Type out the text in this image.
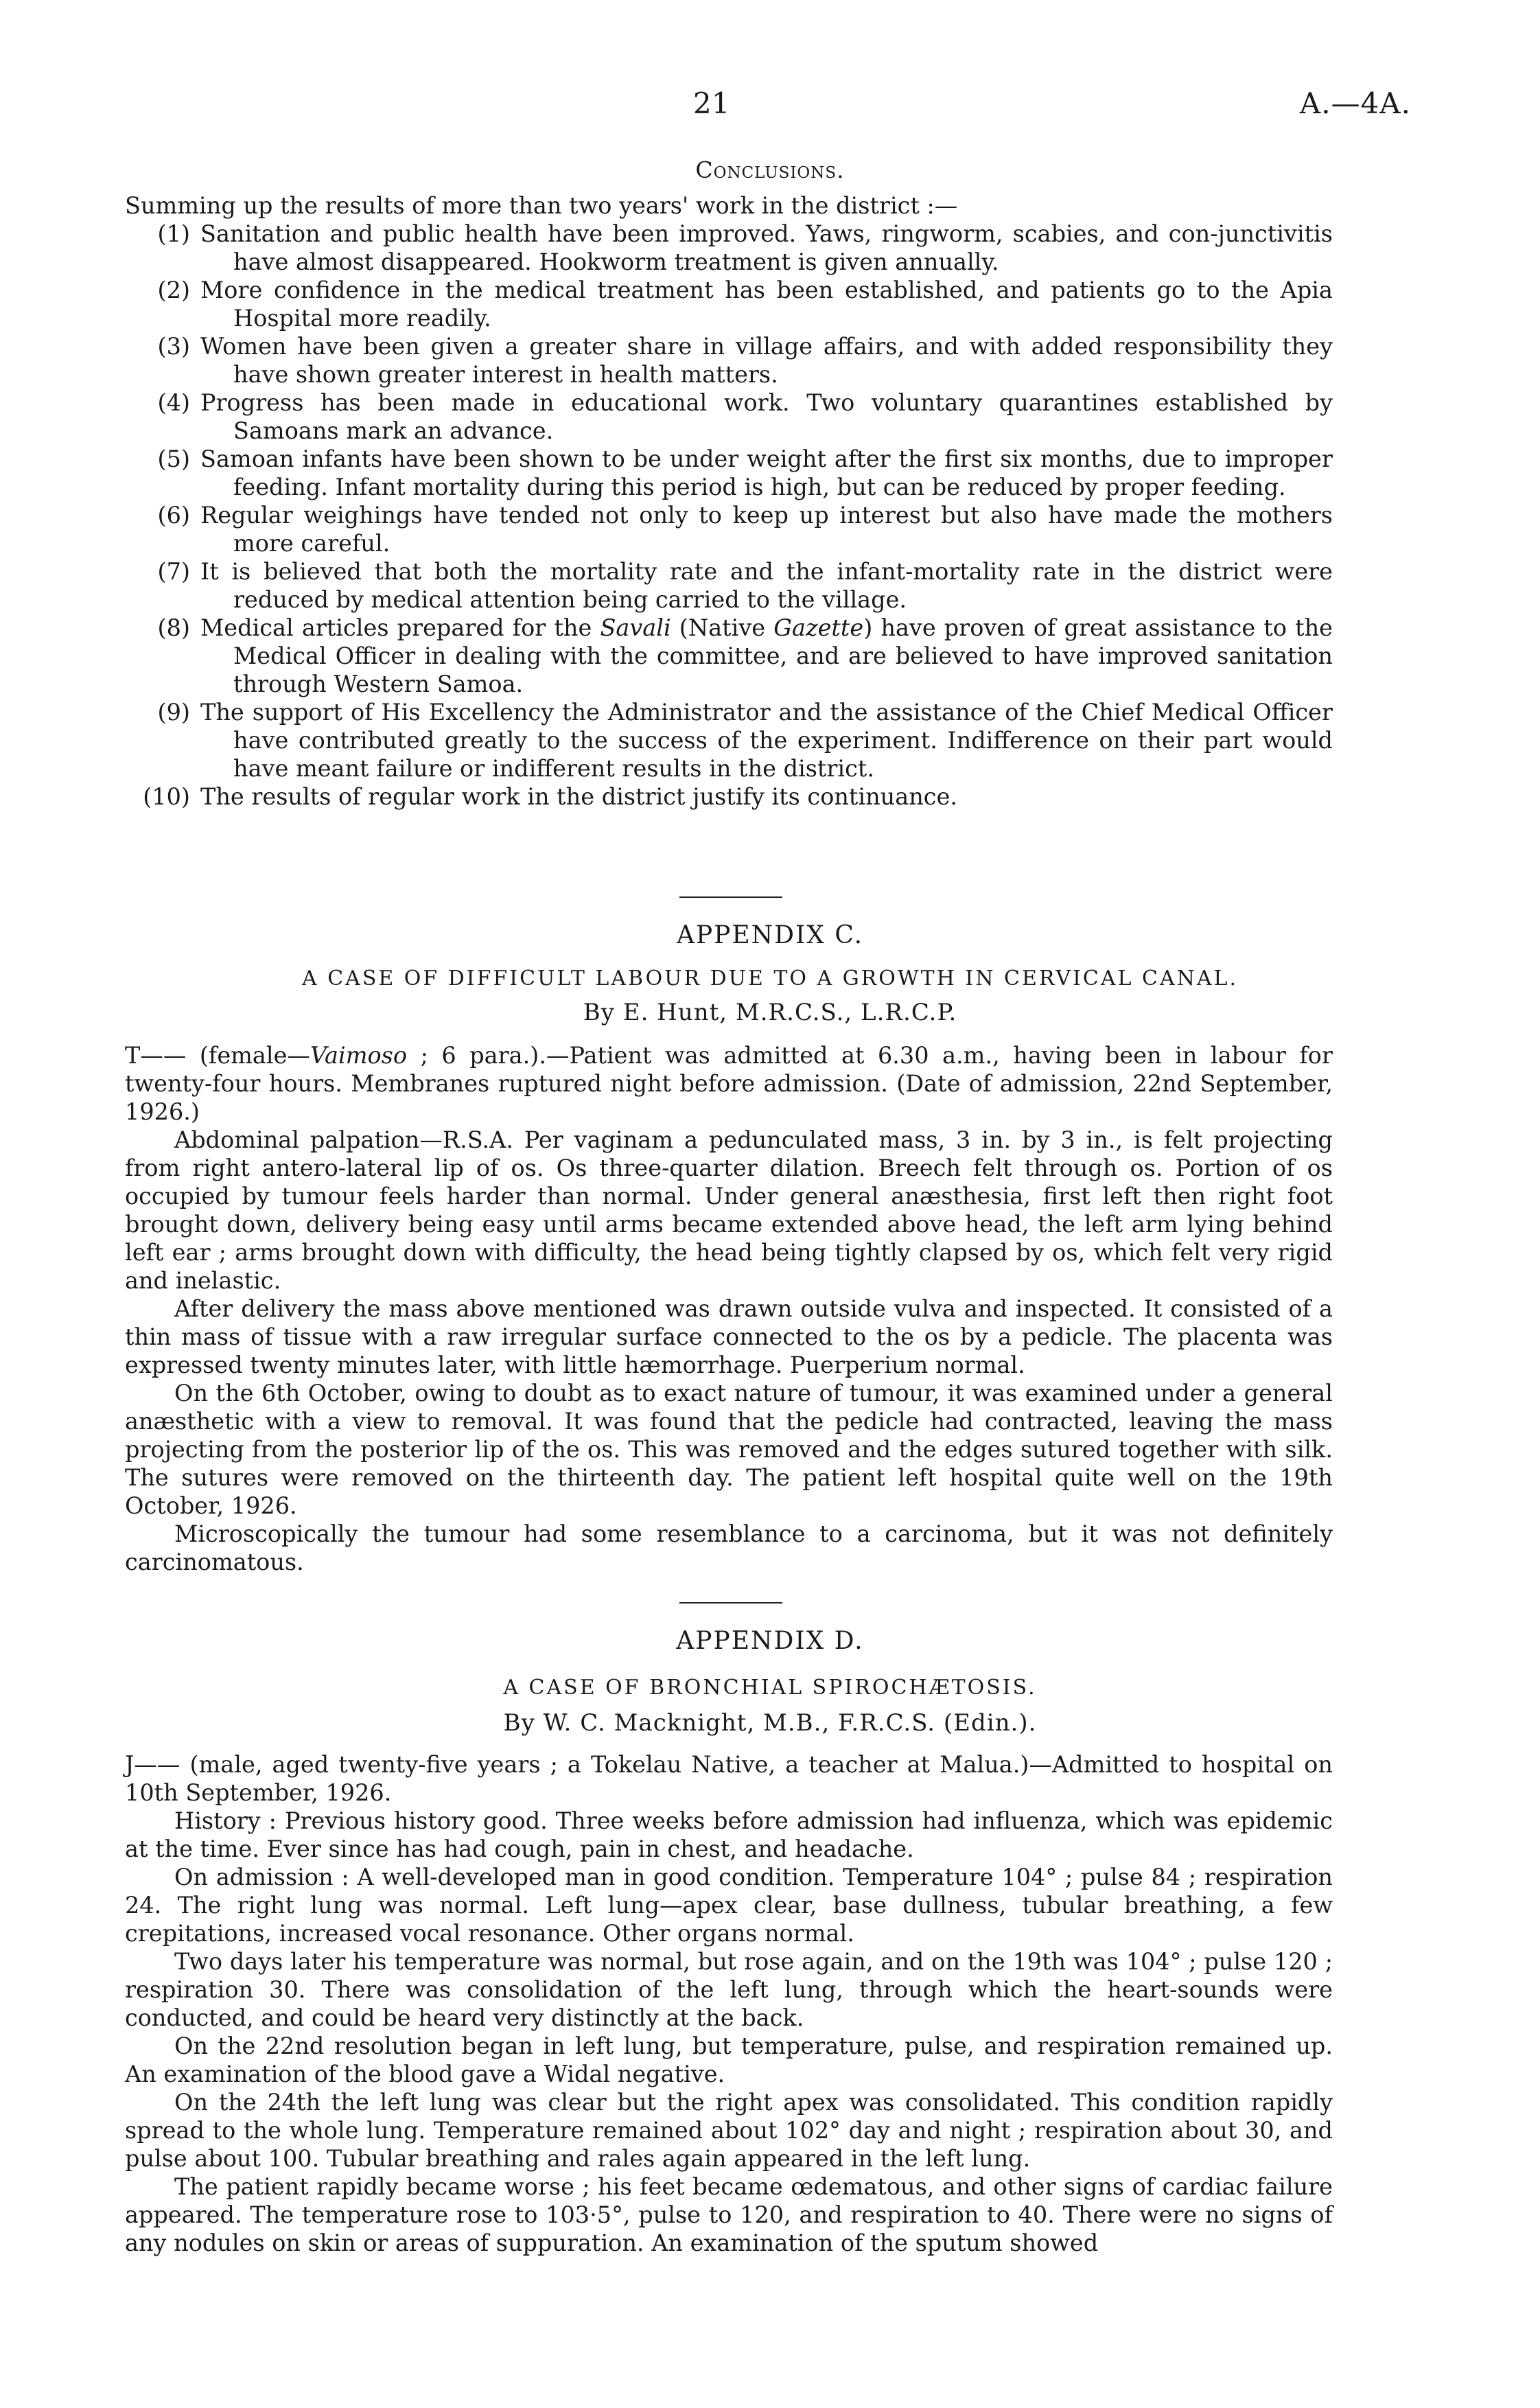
21	A.—4A.
Conclusions.

Summing up the results of more than two years' work in the district :—

(1) Sanitation and public health have been improved. Yaws, ringworm, scabies, and con-junctivitis have almost disappeared. Hookworm treatment is given annually.
(2) More confidence in the medical treatment has been established, and patients go to the Apia Hospital more readily.
(3) Women have been given a greater share in village affairs, and with added responsibility they have shown greater interest in health matters.
(4) Progress has been made in educational work. Two voluntary quarantines established by Samoans mark an advance.
(5) Samoan infants have been shown to be under weight after the first six months, due to improper feeding. Infant mortality during this period is high, but can be reduced by proper feeding.
(6) Regular weighings have tended not only to keep up interest but also have made the mothers more careful.
(7) It is believed that both the mortality rate and the infant-mortality rate in the district were reduced by medical attention being carried to the village.
(8) Medical articles prepared for the Savali (Native Gazette) have proven of great assistance to the Medical Officer in dealing with the committee, and are believed to have improved sanitation through Western Samoa.
(9) The support of His Excellency the Administrator and the assistance of the Chief Medical Officer have contributed greatly to the success of the experiment. Indifference on their part would have meant failure or indifferent results in the district.
(10) The results of regular work in the district justify its continuance.
APPENDIX C.
A CASE OF DIFFICULT LABOUR DUE TO A GROWTH IN CERVICAL CANAL.
By E. Hunt, M.R.C.S., L.R.C.P.

T—— (female—Vaimoso ; 6 para.).—Patient was admitted at 6.30 a.m., having been in labour for twenty-four hours. Membranes ruptured night before admission. (Date of admission, 22nd September, 1926.)

Abdominal palpation—R.S.A. Per vaginam a pedunculated mass, 3 in. by 3 in., is felt projecting from right antero-lateral lip of os. Os three-quarter dilation. Breech felt through os. Portion of os occupied by tumour feels harder than normal. Under general anæsthesia, first left then right foot brought down, delivery being easy until arms became extended above head, the left arm lying behind left ear ; arms brought down with difficulty, the head being tightly clapsed by os, which felt very rigid and inelastic.

After delivery the mass above mentioned was drawn outside vulva and inspected. It consisted of a thin mass of tissue with a raw irregular surface connected to the os by a pedicle. The placenta was expressed twenty minutes later, with little hæmorrhage. Puerperium normal.

On the 6th October, owing to doubt as to exact nature of tumour, it was examined under a general anæsthetic with a view to removal. It was found that the pedicle had contracted, leaving the mass projecting from the posterior lip of the os. This was removed and the edges sutured together with silk. The sutures were removed on the thirteenth day. The patient left hospital quite well on the 19th October, 1926.

Microscopically the tumour had some resemblance to a carcinoma, but it was not definitely carcinomatous.

APPENDIX D.
A CASE OF BRONCHIAL SPIROCHÆTOSIS.
By W. C. Macknight, M.B., F.R.C.S. (Edin.).

J—— (male, aged twenty-five years ; a Tokelau Native, a teacher at Malua.)—Admitted to hospital on 10th September, 1926.

History : Previous history good. Three weeks before admission had influenza, which was epidemic at the time. Ever since has had cough, pain in chest, and headache.

On admission : A well-developed man in good condition. Temperature 104° ; pulse 84 ; respiration 24. The right lung was normal. Left lung—apex clear, base dullness, tubular breathing, a few crepitations, increased vocal resonance. Other organs normal.

Two days later his temperature was normal, but rose again, and on the 19th was 104° ; pulse 120 ; respiration 30. There was consolidation of the left lung, through which the heart-sounds were conducted, and could be heard very distinctly at the back.

On the 22nd resolution began in left lung, but temperature, pulse, and respiration remained up. An examination of the blood gave a Widal negative.

On the 24th the left lung was clear but the right apex was consolidated. This condition rapidly spread to the whole lung. Temperature remained about 102° day and night ; respiration about 30, and pulse about 100. Tubular breathing and rales again appeared in the left lung.

The patient rapidly became worse ; his feet became œdematous, and other signs of cardiac failure appeared. The temperature rose to 103·5°, pulse to 120, and respiration to 40. There were no signs of any nodules on skin or areas of suppuration. An examination of the sputum showed
